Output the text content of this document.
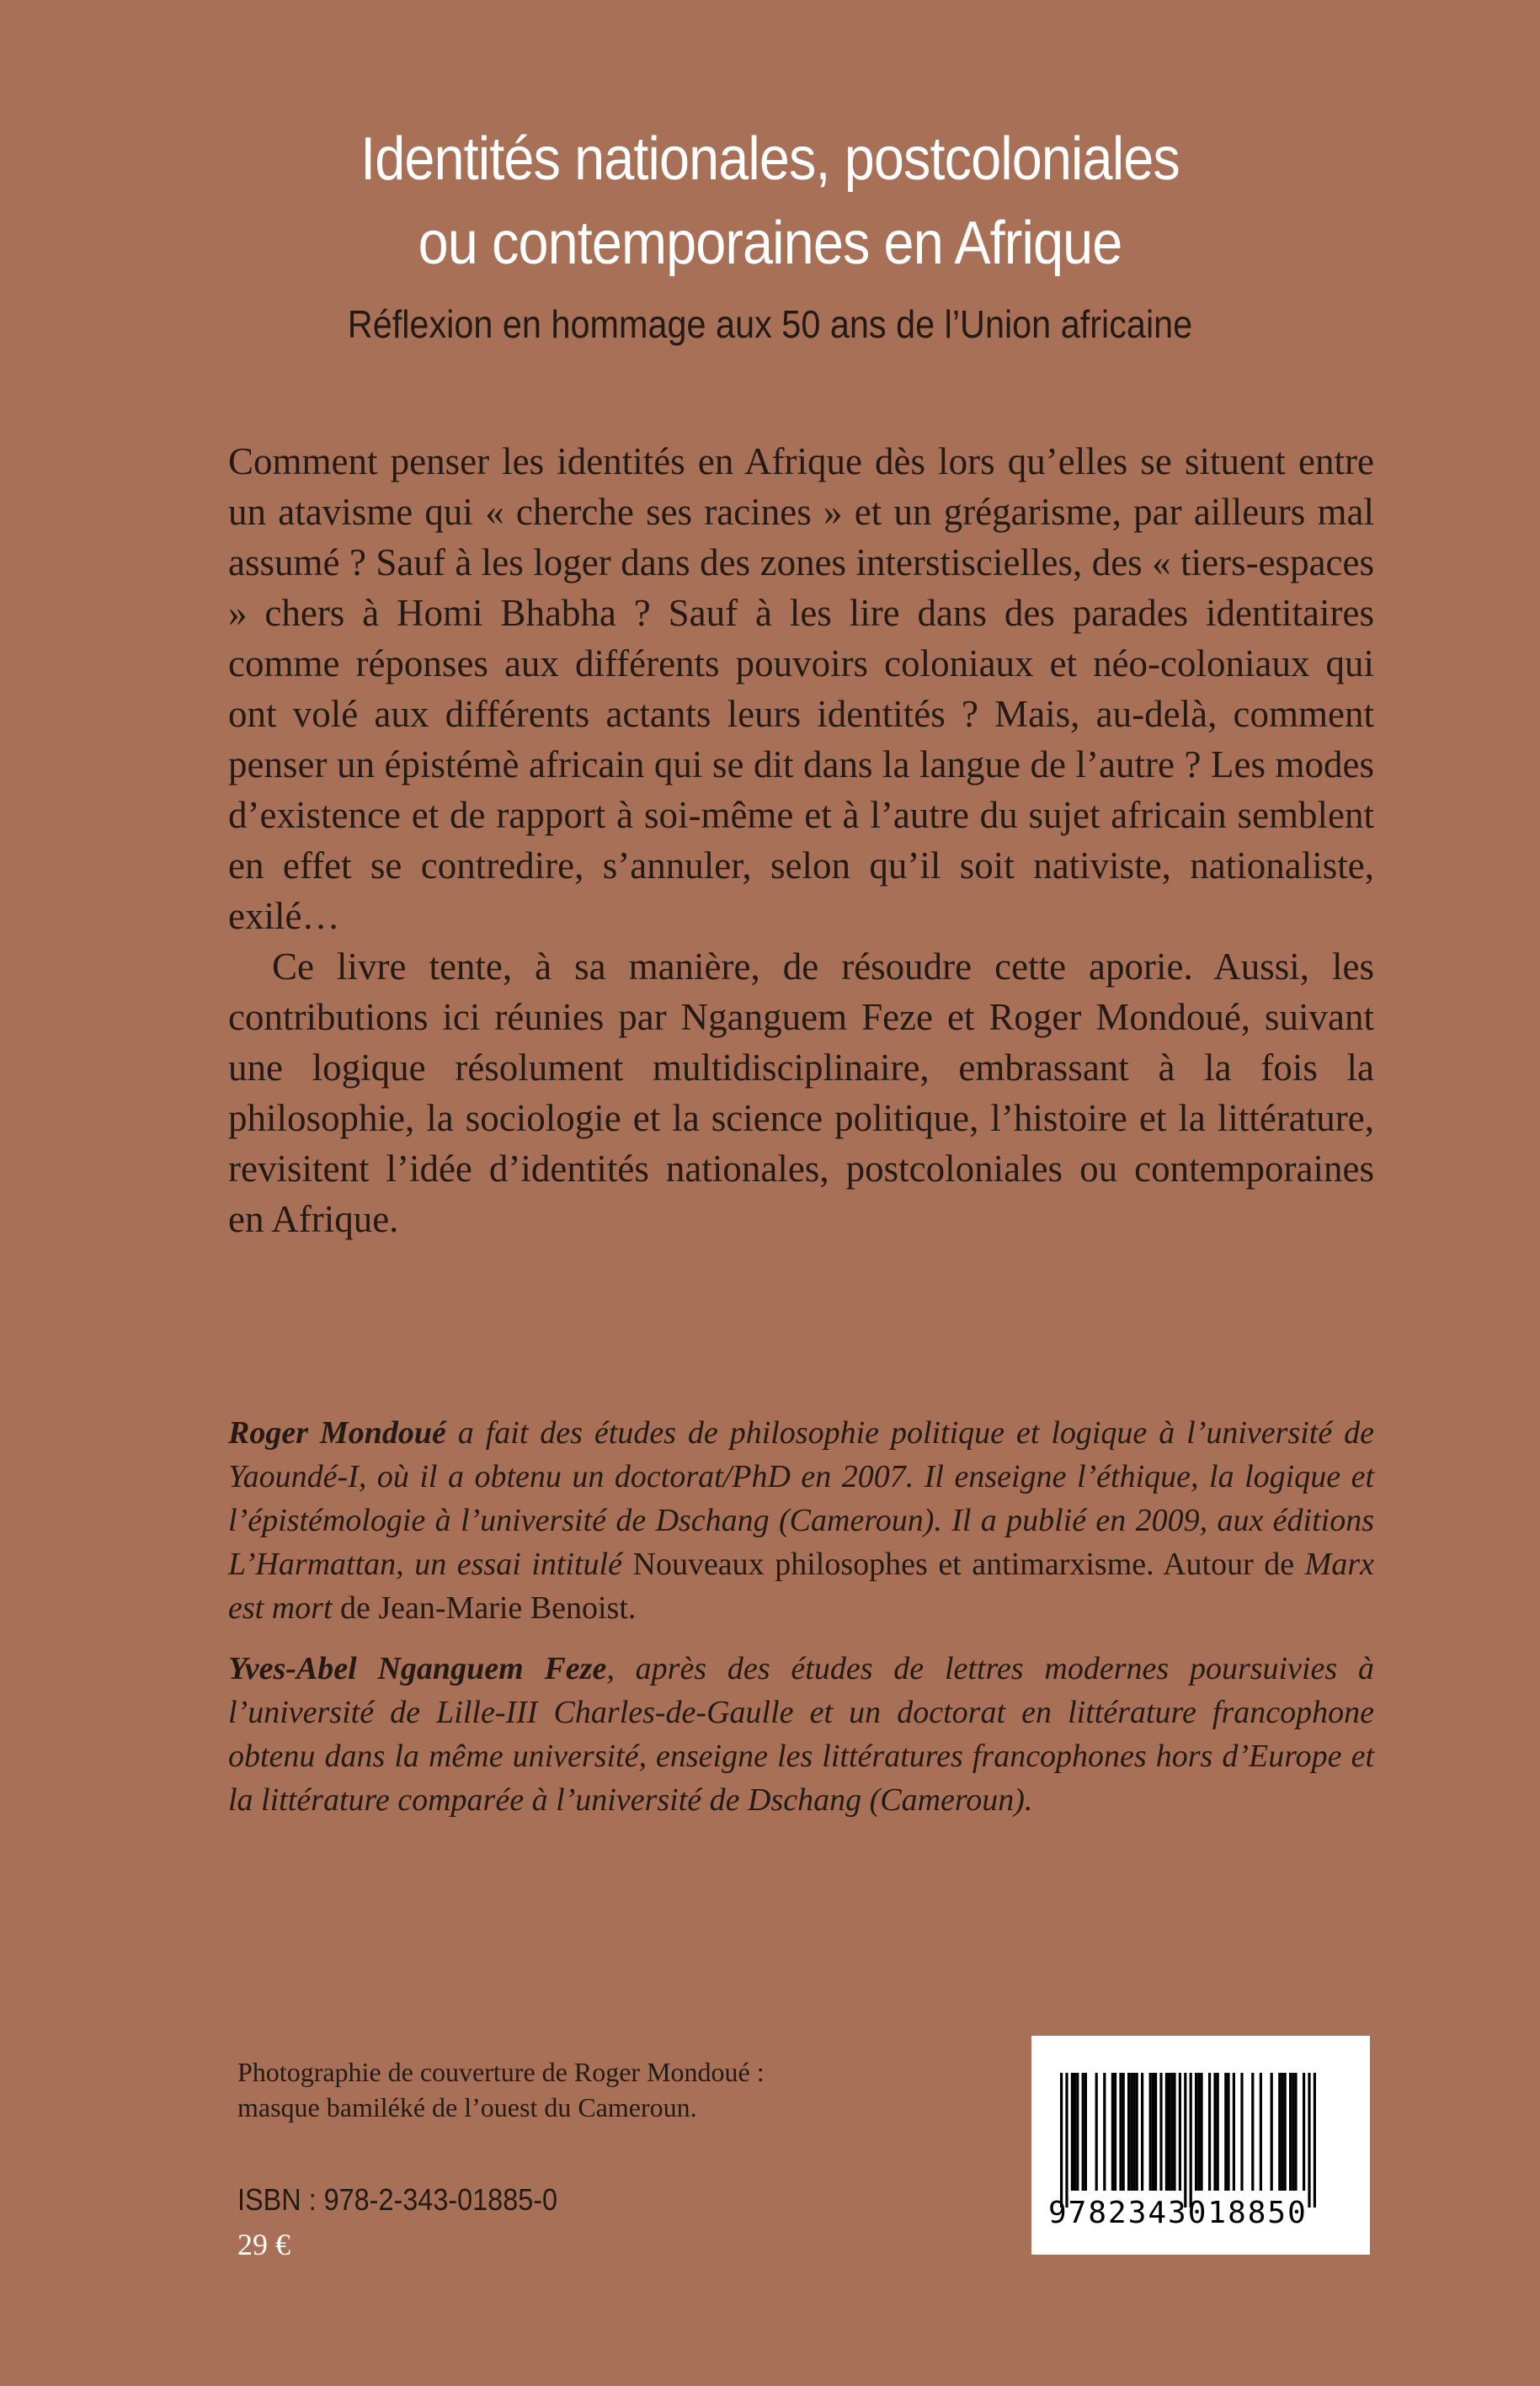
Identités nationales, postcoloniales
ou contemporaines en Afrique
Réflexion en hommage aux 50 ans de l’Union africaine

Comment penser les identités en Afrique dès lors qu’elles se situent entre un atavisme qui « cherche ses racines » et un grégarisme, par ailleurs mal assumé ? Sauf à les loger dans des zones interstiscielles, des « tiers-espaces » chers à Homi Bhabha ? Sauf à les lire dans des parades identitaires comme réponses aux différents pouvoirs coloniaux et néo-coloniaux qui ont volé aux différents actants leurs identités ? Mais, au-delà, comment penser un épistémè africain qui se dit dans la langue de l’autre ? Les modes d’existence et de rapport à soi-même et à l’autre du sujet africain semblent en effet se contredire, s’annuler, selon qu’il soit nativiste, nationaliste, exilé…

Ce livre tente, à sa manière, de résoudre cette aporie. Aussi, les contributions ici réunies par Nganguem Feze et Roger Mondoué, suivant une logique résolument multidisciplinaire, embrassant à la fois la philosophie, la sociologie et la science politique, l’histoire et la littérature, revisitent l’idée d’identités nationales, postcoloniales ou contemporaines en Afrique.

Roger Mondoué a fait des études de philosophie politique et logique à l’université de Yaoundé-I, où il a obtenu un doctorat/PhD en 2007. Il enseigne l’éthique, la logique et l’épistémologie à l’université de Dschang (Cameroun). Il a publié en 2009, aux éditions L’Harmattan, un essai intitulé Nouveaux philosophes et antimarxisme. Autour de Marx est mort de Jean-Marie Benoist.
Yves-Abel Nganguem Feze, après des études de lettres modernes poursuivies à l’université de Lille-III Charles-de-Gaulle et un doctorat en littérature francophone obtenu dans la même université, enseigne les littératures francophones hors d’Europe et la littérature comparée à l’université de Dschang (Cameroun).
Photographie de couverture de Roger Mondoué :
masque bamiléké de l’ouest du Cameroun.
ISBN : 978-2-343-01885-0
29 €
9782343018850
